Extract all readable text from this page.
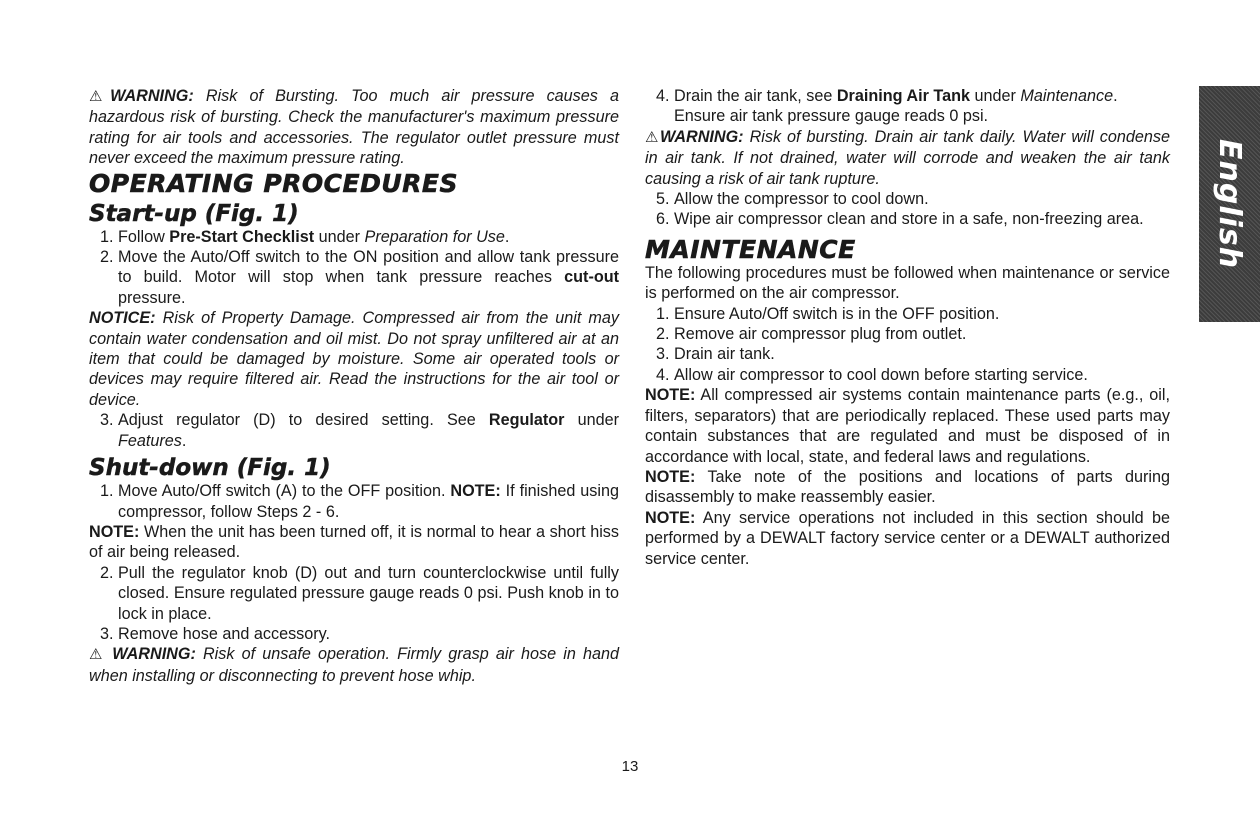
⚠WARNING: Risk of Bursting. Too much air pressure causes a hazardous risk of bursting. Check the manufacturer's maximum pressure rating for air tools and accessories. The regulator outlet pressure must never exceed the maximum pressure rating.

OPERATING PROCEDURES
Start-up (Fig. 1)
1. Follow Pre-Start Checklist under Preparation for Use.
2. Move the Auto/Off switch to the ON position and allow tank pressure to build. Motor will stop when tank pressure reaches cut-out pressure.

NOTICE: Risk of Property Damage. Compressed air from the unit may contain water condensation and oil mist. Do not spray unfiltered air at an item that could be damaged by moisture. Some air operated tools or devices may require filtered air. Read the instructions for the air tool or device.

3. Adjust regulator (D) to desired setting. See Regulator under Features.
Shut-down (Fig. 1)
1. Move Auto/Off switch (A) to the OFF position. NOTE: If finished using compressor, follow Steps 2 - 6.

NOTE: When the unit has been turned off, it is normal to hear a short hiss of air being released.

2. Pull the regulator knob (D) out and turn counterclockwise until fully closed. Ensure regulated pressure gauge reads 0 psi. Push knob in to lock in place.
3. Remove hose and accessory.

⚠ WARNING: Risk of unsafe operation. Firmly grasp air hose in hand when installing or disconnecting to prevent hose whip.

4. Drain the air tank, see Draining Air Tank under Maintenance. Ensure air tank pressure gauge reads 0 psi.

⚠WARNING: Risk of bursting. Drain air tank daily. Water will condense in air tank. If not drained, water will corrode and weaken the air tank causing a risk of air tank rupture.

5. Allow the compressor to cool down.
6. Wipe air compressor clean and store in a safe, non-freezing area.
MAINTENANCE

The following procedures must be followed when maintenance or service is performed on the air compressor.

1. Ensure Auto/Off switch is in the OFF position.
2. Remove air compressor plug from outlet.
3. Drain air tank.
4. Allow air compressor to cool down before starting service.

NOTE: All compressed air systems contain maintenance parts (e.g., oil, filters, separators) that are periodically replaced. These used parts may contain substances that are regulated and must be disposed of in accordance with local, state, and federal laws and regulations.

NOTE: Take note of the positions and locations of parts during disassembly to make reassembly easier.

NOTE: Any service operations not included in this section should be performed by a DEWALT factory service center or a DEWALT authorized service center.

English
13
